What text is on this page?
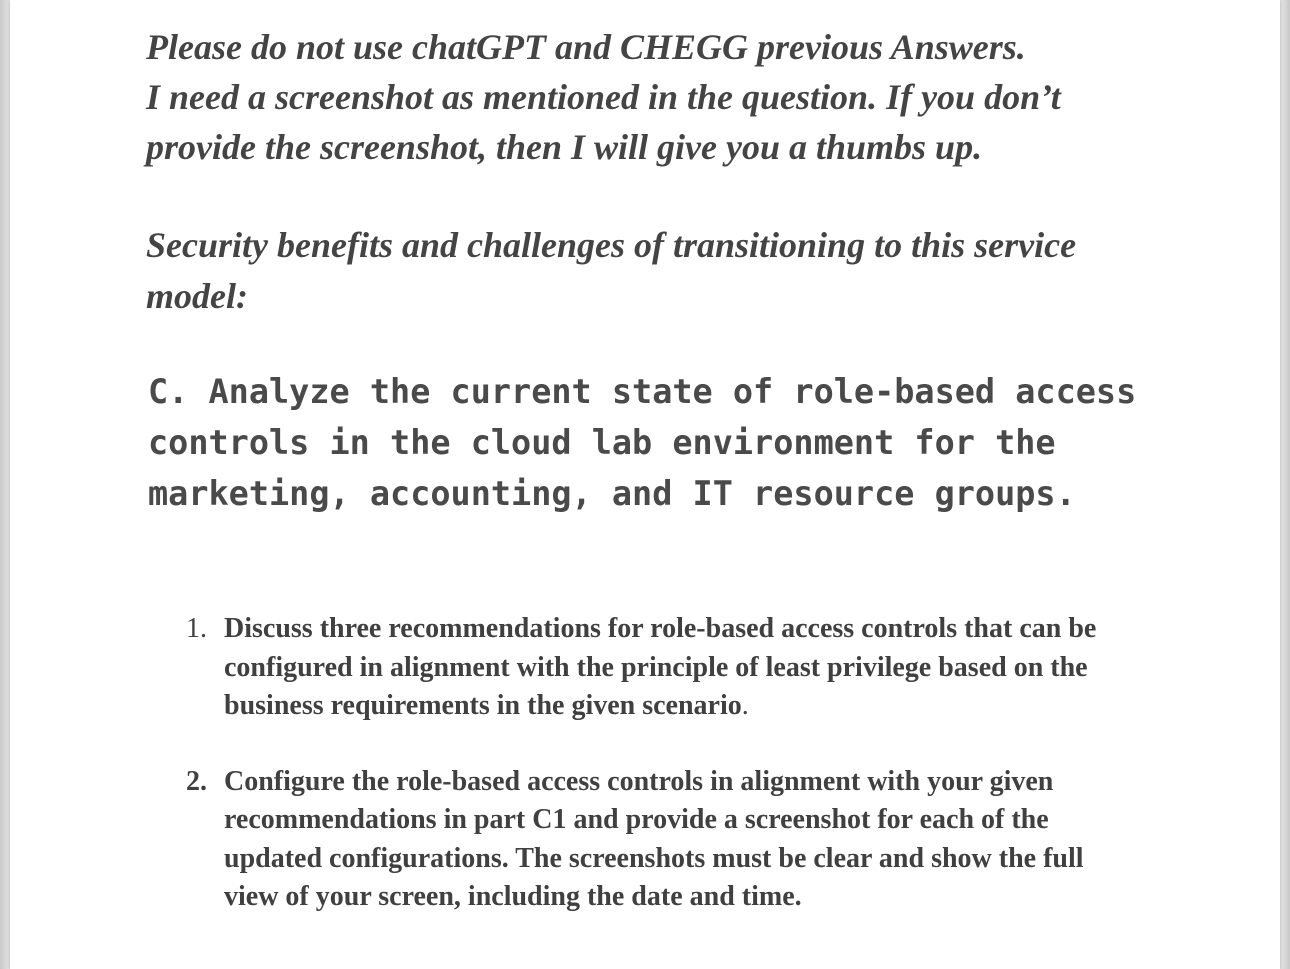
Please do not use chatGPT and CHEGG previous Answers.
I need a screenshot as mentioned in the question. If you don’t
provide the screenshot, then I will give you a thumbs up.

Security benefits and challenges of transitioning to this service model:

C. Analyze the current state of role-based access controls in the cloud lab environment for the marketing, accounting, and IT resource groups.

1. Discuss three recommendations for role-based access controls that can be configured in alignment with the principle of least privilege based on the business requirements in the given scenario.
2. Configure the role-based access controls in alignment with your given recommendations in part C1 and provide a screenshot for each of the updated configurations. The screenshots must be clear and show the full view of your screen, including the date and time.
